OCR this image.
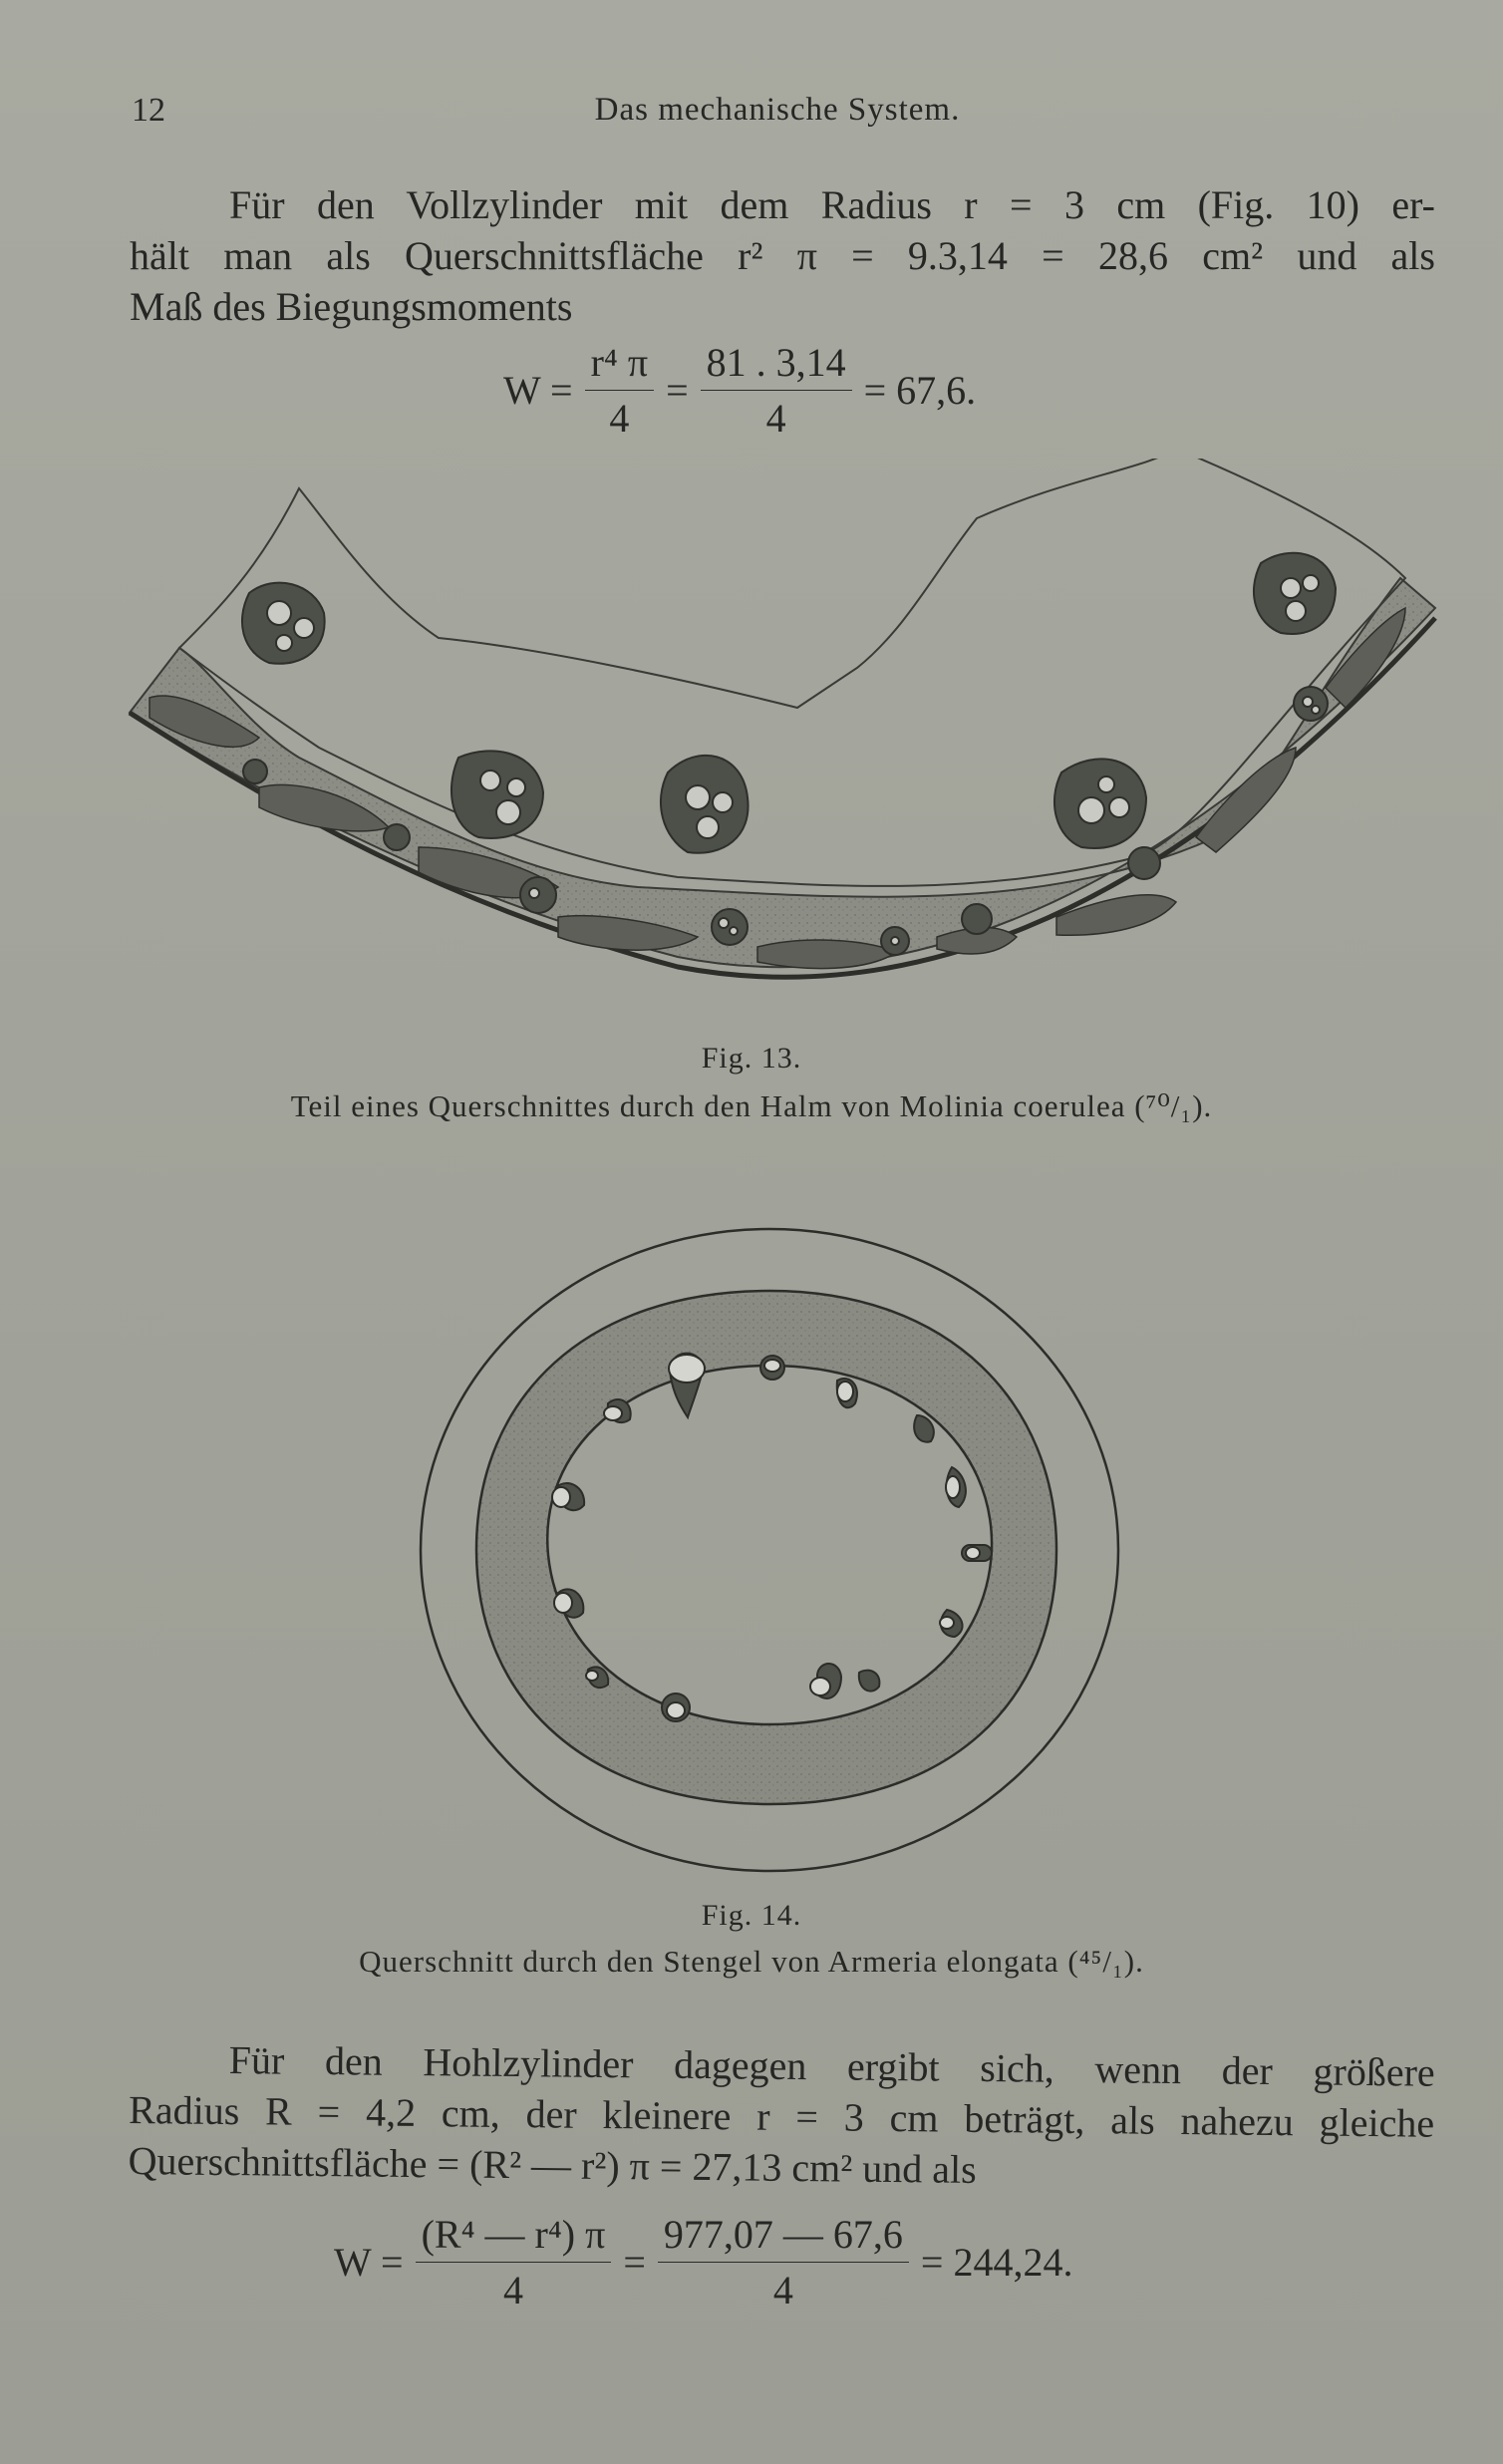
12	Das mechanische System.
Für den Vollzylinder mit dem Radius r = 3 cm (Fig. 10) er-
hält man als Querschnittsfläche r² π = 9.3,14 = 28,6 cm² und als
Maß des Biegungsmoments
$W = \frac{\text{r⁴ π}}{4} = \frac{81 . 3,14}{4} = 67,6$.
Fig. 13.
Teil eines Querschnittes durch den Halm von Molinia coerulea (⁷⁰/₁).
Fig. 14.
Querschnitt durch den Stengel von Armeria elongata (⁴⁵/₁).
Für den Hohlzylinder dagegen ergibt sich, wenn der größere
Radius R = 4,2 cm, der kleinere r = 3 cm beträgt, als nahezu gleiche
Querschnittsfläche = (R² — r²) π = 27,13 cm² und als
$W = \frac{\text{(R⁴ — r⁴) π}}{4} = \frac{977,07 — 67,6}{4} = 244,24$.
